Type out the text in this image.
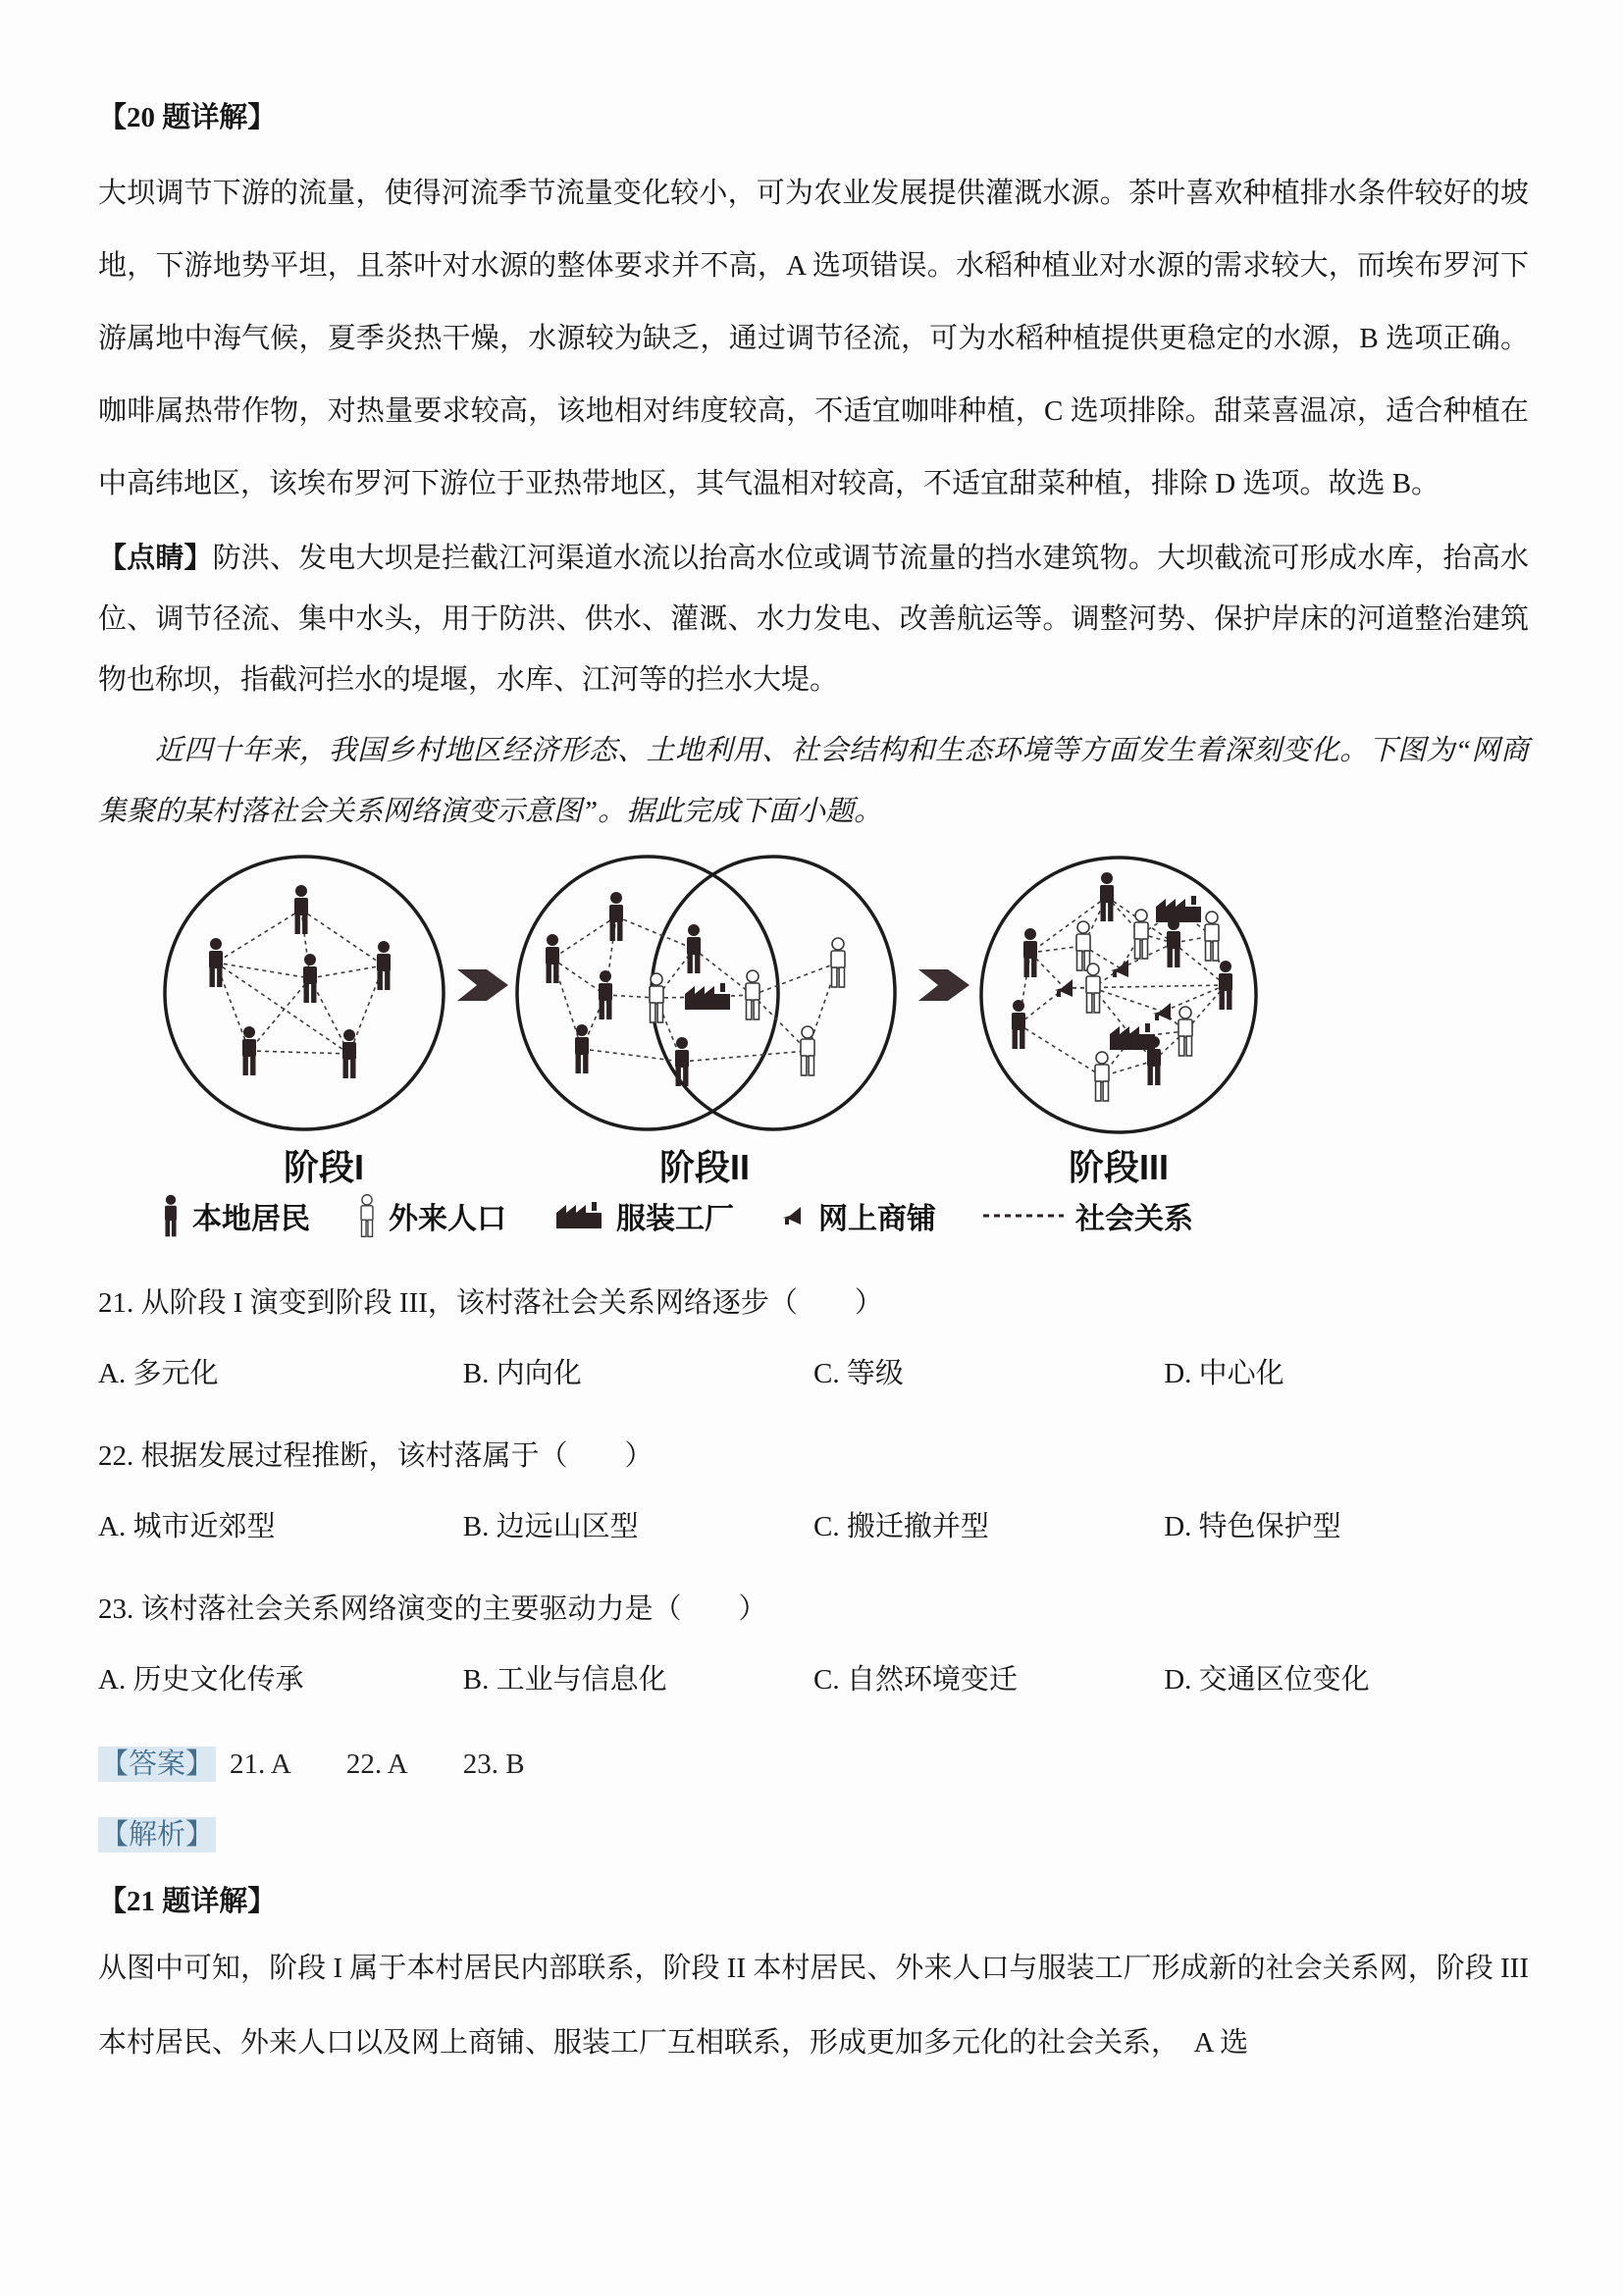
【20 题详解】

大坝调节下游的流量，使得河流季节流量变化较小，可为农业发展提供灌溉水源。茶叶喜欢种植排水条件较好的坡地，下游地势平坦，且茶叶对水源的整体要求并不高，A 选项错误。水稻种植业对水源的需求较大，而埃布罗河下游属地中海气候，夏季炎热干燥，水源较为缺乏，通过调节径流，可为水稻种植提供更稳定的水源，B 选项正确。咖啡属热带作物，对热量要求较高，该地相对纬度较高，不适宜咖啡种植，C 选项排除。甜菜喜温凉，适合种植在中高纬地区，该埃布罗河下游位于亚热带地区，其气温相对较高，不适宜甜菜种植，排除 D 选项。故选 B。

【点睛】防洪、发电大坝是拦截江河渠道水流以抬高水位或调节流量的挡水建筑物。大坝截流可形成水库，抬高水位、调节径流、集中水头，用于防洪、供水、灌溉、水力发电、改善航运等。调整河势、保护岸床的河道整治建筑物也称坝，指截河拦水的堤堰，水库、江河等的拦水大堤。

近四十年来，我国乡村地区经济形态、土地利用、社会结构和生态环境等方面发生着深刻变化。下图为“网商集聚的某村落社会关系网络演变示意图”。据此完成下面小题。

阶段I	阶段II	阶段III
本地居民	外来人口	服装工厂	网上商铺	社会关系
21. 从阶段 I 演变到阶段 III，该村落社会关系网络逐步（　　）
A. 多元化	B. 内向化	C. 等级	D. 中心化
22. 根据发展过程推断，该村落属于（　　）
A. 城市近郊型	B. 边远山区型	C. 搬迁撤并型	D. 特色保护型
23. 该村落社会关系网络演变的主要驱动力是（　　）
A. 历史文化传承	B. 工业与信息化	C. 自然环境变迁	D. 交通区位变化
【答案】 21. A 22. A 23. B
【解析】

【21 题详解】

从图中可知，阶段 I 属于本村居民内部联系，阶段 II 本村居民、外来人口与服装工厂形成新的社会关系网，阶段 III 本村居民、外来人口以及网上商铺、服装工厂互相联系，形成更加多元化的社会关系，　A 选
